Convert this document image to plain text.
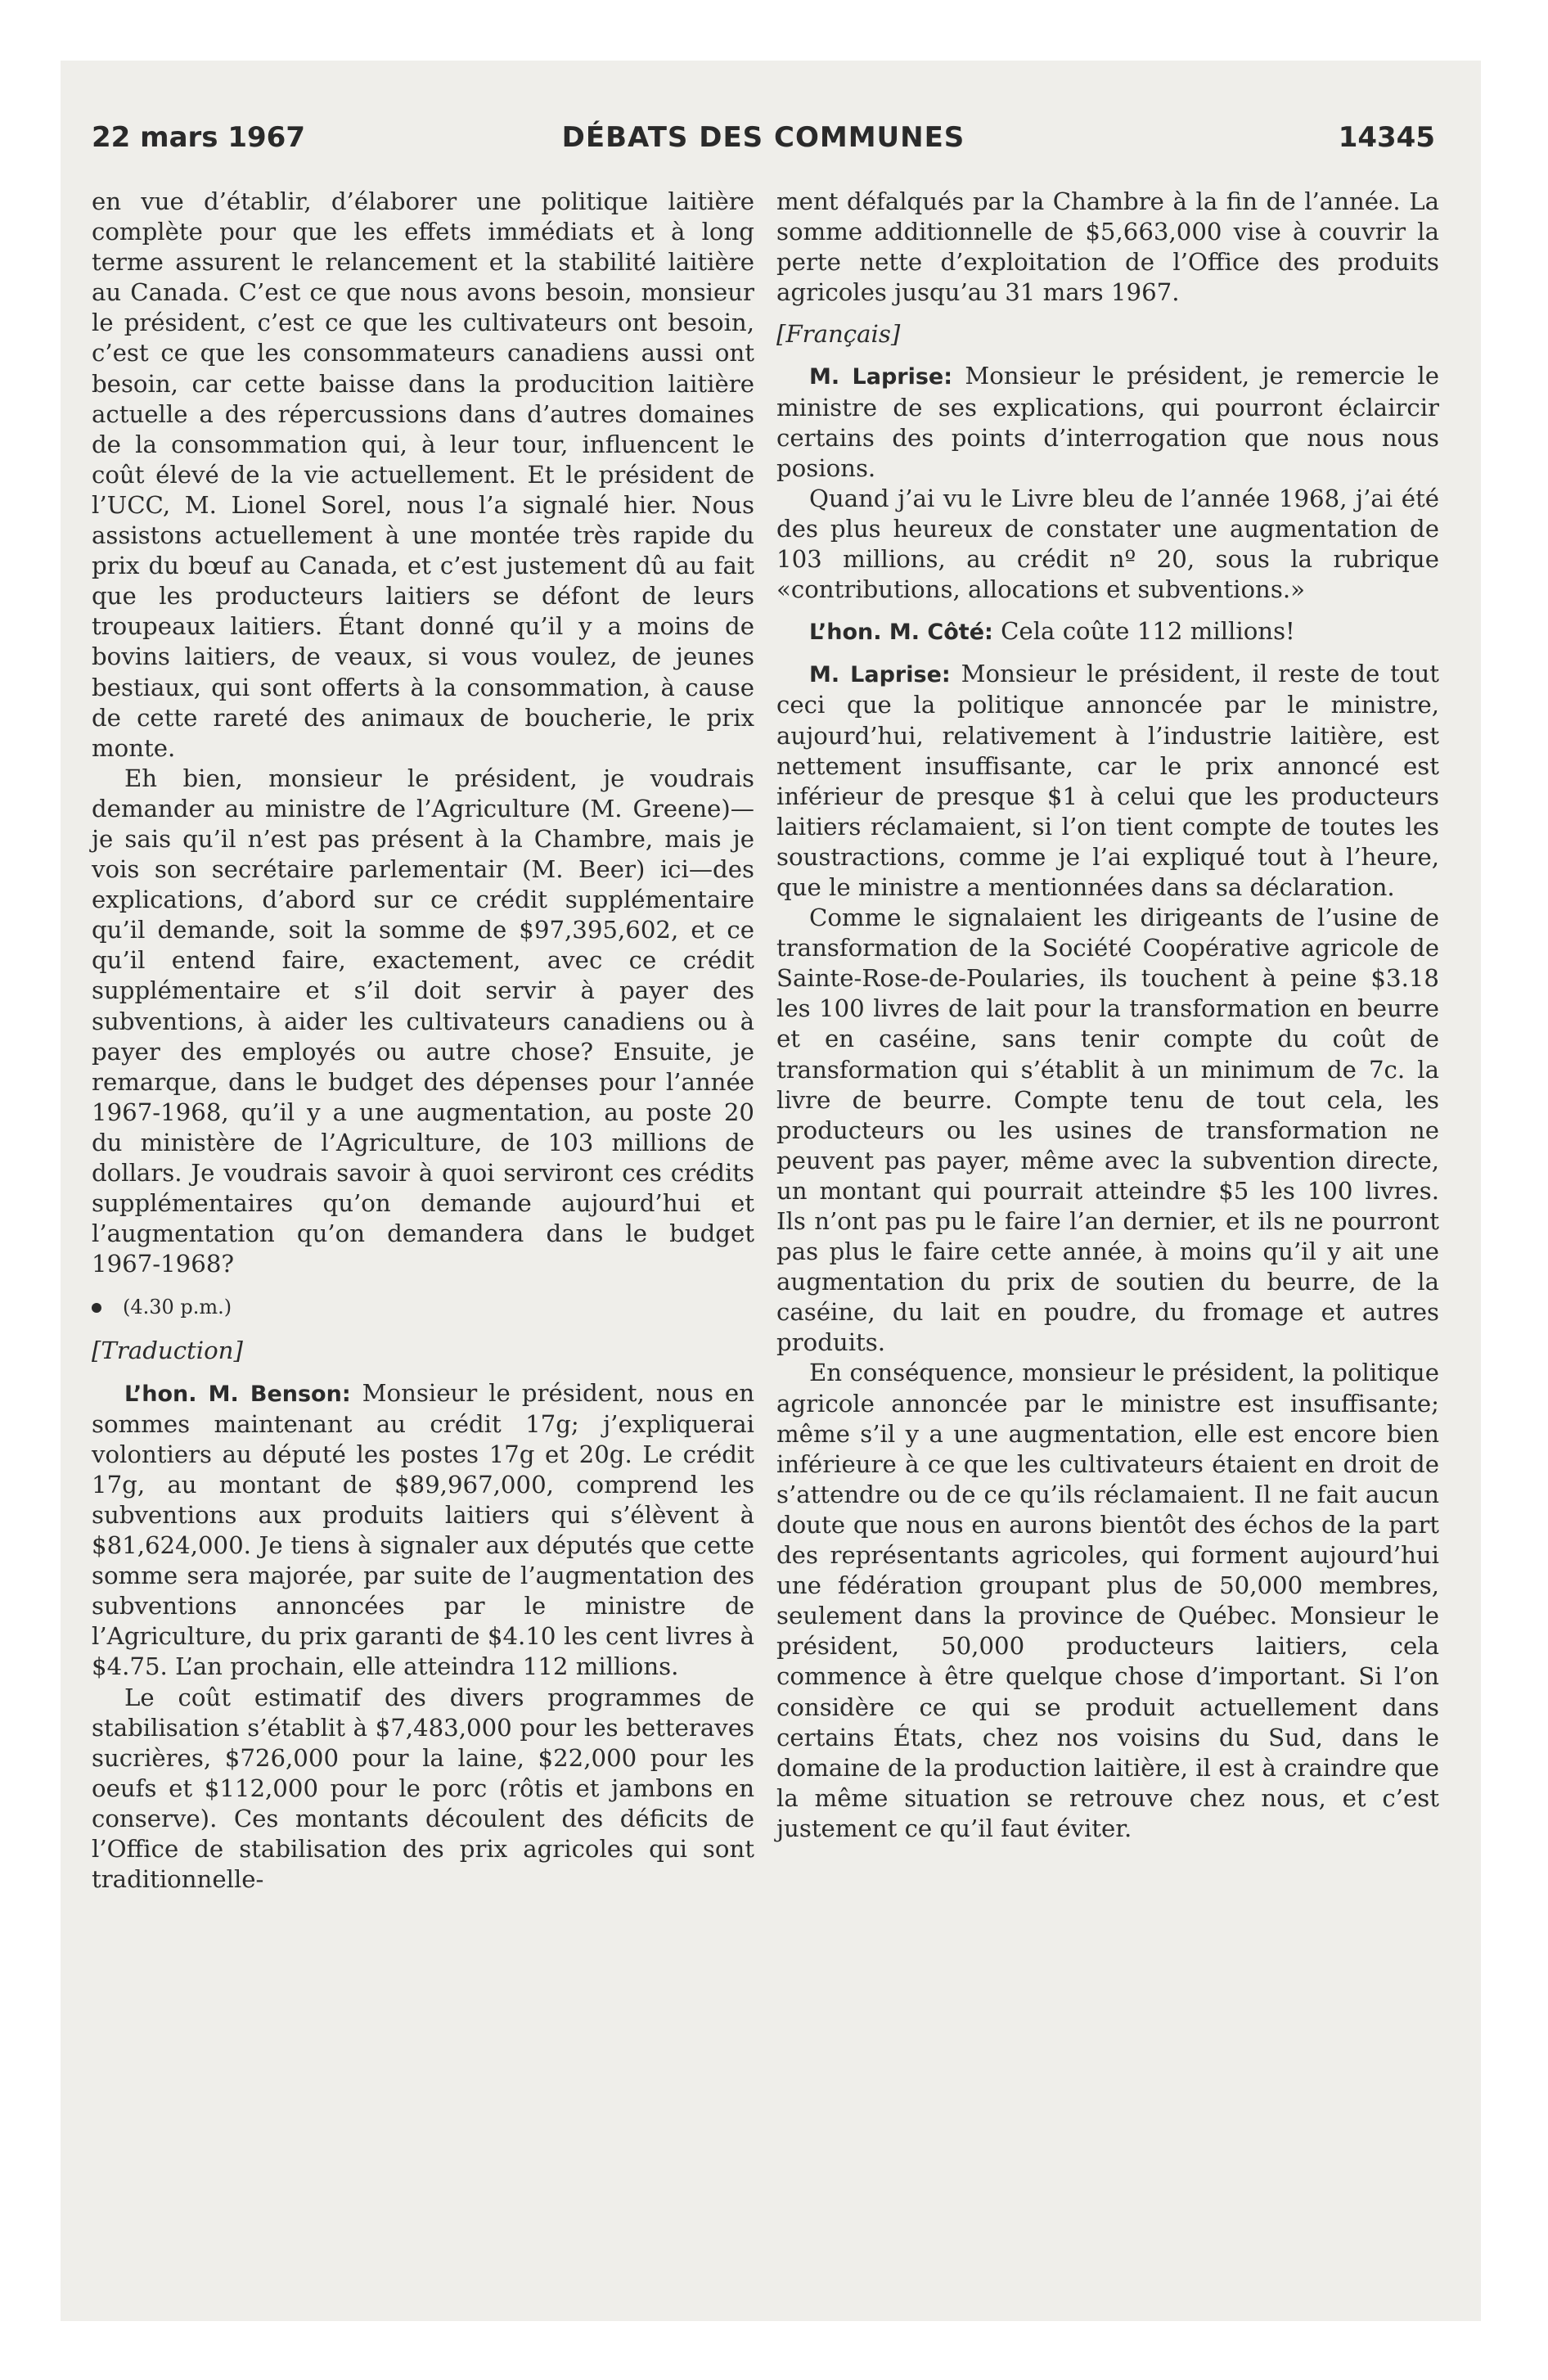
22 mars 1967	DÉBATS DES COMMUNES	14345

en vue d’établir, d’élaborer une politique laitière complète pour que les effets immédiats et à long terme assurent le relancement et la stabilité laitière au Canada. C’est ce que nous avons besoin, monsieur le président, c’est ce que les cultivateurs ont besoin, c’est ce que les consommateurs canadiens aussi ont besoin, car cette baisse dans la producition laitière actuelle a des répercussions dans d’autres domaines de la consommation qui, à leur tour, influencent le coût élevé de la vie actuellement. Et le président de l’UCC, M. Lionel Sorel, nous l’a signalé hier. Nous assistons actuellement à une montée très rapide du prix du bœuf au Canada, et c’est justement dû au fait que les producteurs laitiers se défont de leurs troupeaux laitiers. Étant donné qu’il y a moins de bovins laitiers, de veaux, si vous voulez, de jeunes bestiaux, qui sont offerts à la consommation, à cause de cette rareté des animaux de boucherie, le prix monte.

Eh bien, monsieur le président, je voudrais demander au ministre de l’Agriculture (M. Greene)—je sais qu’il n’est pas présent à la Chambre, mais je vois son secrétaire parlementair (M. Beer) ici—des explications, d’abord sur ce crédit supplémentaire qu’il demande, soit la somme de $97,395,602, et ce qu’il entend faire, exactement, avec ce crédit supplémentaire et s’il doit servir à payer des subventions, à aider les cultivateurs canadiens ou à payer des employés ou autre chose? Ensuite, je remarque, dans le budget des dépenses pour l’année 1967-1968, qu’il y a une augmentation, au poste 20 du ministère de l’Agriculture, de 103 millions de dollars. Je voudrais savoir à quoi serviront ces crédits supplémentaires qu’on demande aujourd’hui et l’augmentation qu’on demandera dans le budget 1967-1968?

(4.30 p.m.)

[Traduction]

L’hon. M. Benson: Monsieur le président, nous en sommes maintenant au crédit 17g; j’expliquerai volontiers au député les postes 17g et 20g. Le crédit 17g, au montant de $89,967,000, comprend les subventions aux produits laitiers qui s’élèvent à $81,624,000. Je tiens à signaler aux députés que cette somme sera majorée, par suite de l’augmentation des subventions annoncées par le ministre de l’Agriculture, du prix garanti de $4.10 les cent livres à $4.75. L’an prochain, elle atteindra 112 millions.

Le coût estimatif des divers programmes de stabilisation s’établit à $7,483,000 pour les betteraves sucrières, $726,000 pour la laine, $22,000 pour les oeufs et $112,000 pour le porc (rôtis et jambons en conserve). Ces montants découlent des déficits de l’Office de stabilisation des prix agricoles qui sont traditionnelle-

ment défalqués par la Chambre à la fin de l’année. La somme additionnelle de $5,663,000 vise à couvrir la perte nette d’exploitation de l’Office des produits agricoles jusqu’au 31 mars 1967.

[Français]

M. Laprise: Monsieur le président, je remercie le ministre de ses explications, qui pourront éclaircir certains des points d’interrogation que nous nous posions.

Quand j’ai vu le Livre bleu de l’année 1968, j’ai été des plus heureux de constater une augmentation de 103 millions, au crédit nº 20, sous la rubrique «contributions, allocations et subventions.»

L’hon. M. Côté: Cela coûte 112 millions!

M. Laprise: Monsieur le président, il reste de tout ceci que la politique annoncée par le ministre, aujourd’hui, relativement à l’industrie laitière, est nettement insuffisante, car le prix annoncé est inférieur de presque $1 à celui que les producteurs laitiers réclamaient, si l’on tient compte de toutes les soustractions, comme je l’ai expliqué tout à l’heure, que le ministre a mentionnées dans sa déclaration.

Comme le signalaient les dirigeants de l’usine de transformation de la Société Coopérative agricole de Sainte-Rose-de-Poularies, ils touchent à peine $3.18 les 100 livres de lait pour la transformation en beurre et en caséine, sans tenir compte du coût de transformation qui s’établit à un minimum de 7c. la livre de beurre. Compte tenu de tout cela, les producteurs ou les usines de transformation ne peuvent pas payer, même avec la subvention directe, un montant qui pourrait atteindre $5 les 100 livres. Ils n’ont pas pu le faire l’an dernier, et ils ne pourront pas plus le faire cette année, à moins qu’il y ait une augmentation du prix de soutien du beurre, de la caséine, du lait en poudre, du fromage et autres produits.

En conséquence, monsieur le président, la politique agricole annoncée par le ministre est insuffisante; même s’il y a une augmentation, elle est encore bien inférieure à ce que les cultivateurs étaient en droit de s’attendre ou de ce qu’ils réclamaient. Il ne fait aucun doute que nous en aurons bientôt des échos de la part des représentants agricoles, qui forment aujourd’hui une fédération groupant plus de 50,000 membres, seulement dans la province de Québec. Monsieur le président, 50,000 producteurs laitiers, cela commence à être quelque chose d’important. Si l’on considère ce qui se produit actuellement dans certains États, chez nos voisins du Sud, dans le domaine de la production laitière, il est à craindre que la même situation se retrouve chez nous, et c’est justement ce qu’il faut éviter.
